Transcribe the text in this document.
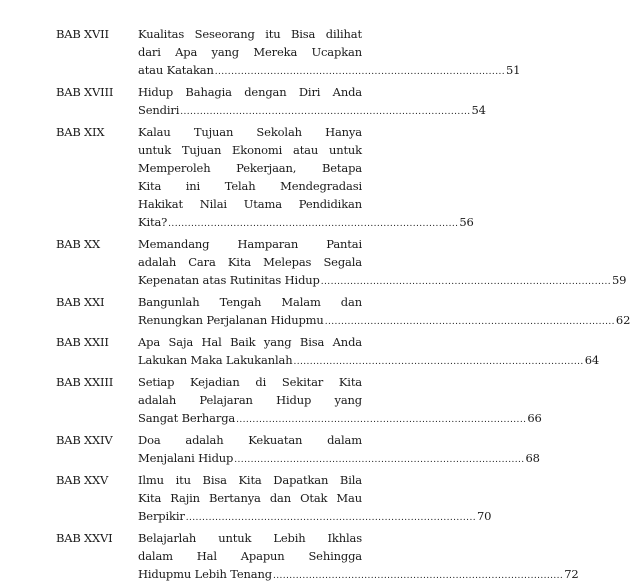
BAB XVII	Kualitas Seseorang itu Bisa dilihat
dari Apa yang Mereka Ucapkan
atau Katakan ......................................................................................... 51
BAB XVIII	Hidup Bahagia dengan Diri Anda
Sendiri ......................................................................................... 54
BAB XIX	Kalau Tujuan Sekolah Hanya
untuk Tujuan Ekonomi atau untuk
Memperoleh Pekerjaan, Betapa
Kita ini Telah Mendegradasi
Hakikat Nilai Utama Pendidikan
Kita? ......................................................................................... 56
BAB XX	Memandang Hamparan Pantai
adalah Cara Kita Melepas Segala
Kepenatan atas Rutinitas Hidup ......................................................................................... 59
BAB XXI	Bangunlah Tengah Malam dan
Renungkan Perjalanan Hidupmu ......................................................................................... 62
BAB XXII	Apa Saja Hal Baik yang Bisa Anda
Lakukan Maka Lakukanlah ......................................................................................... 64
BAB XXIII	Setiap Kejadian di Sekitar Kita
adalah Pelajaran Hidup yang
Sangat Berharga ......................................................................................... 66
BAB XXIV	Doa adalah Kekuatan dalam
Menjalani Hidup ......................................................................................... 68
BAB XXV	Ilmu itu Bisa Kita Dapatkan Bila
Kita Rajin Bertanya dan Otak Mau
Berpikir ......................................................................................... 70
BAB XXVI	Belajarlah untuk Lebih Ikhlas
dalam Hal Apapun Sehingga
Hidupmu Lebih Tenang ......................................................................................... 72
